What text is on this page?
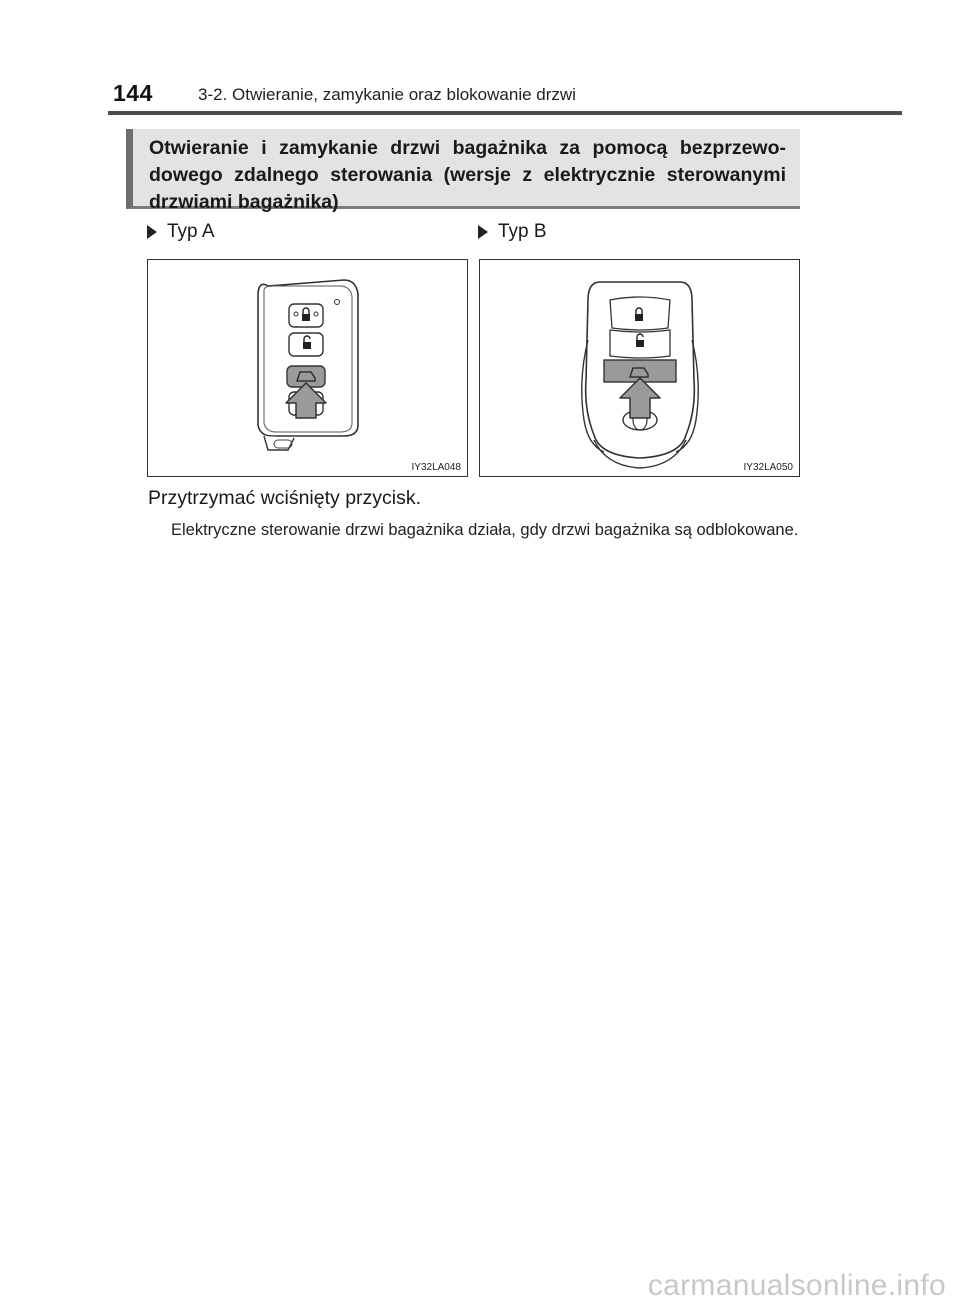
144	3-2. Otwieranie, zamykanie oraz blokowanie drzwi
Otwieranie i zamykanie drzwi bagażnika za pomocą bezprzewo-dowego zdalnego sterowania (wersje z elektrycznie sterowanymi drzwiami bagażnika)
Typ A	Typ B
IY32LA048	IY32LA050
Przytrzymać wciśnięty przycisk.
Elektryczne sterowanie drzwi bagażnika działa, gdy drzwi bagażnika są odblokowane.
carmanualsonline.info
